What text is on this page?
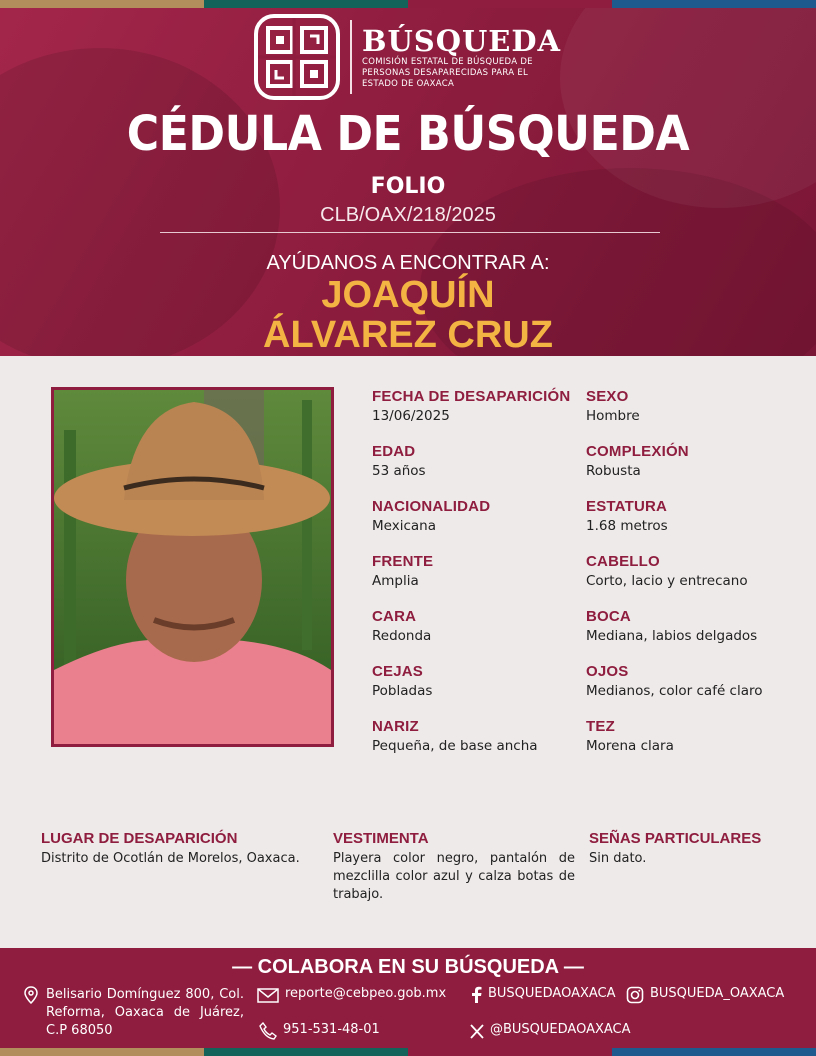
BÚSQUEDA
COMISIÓN ESTATAL DE BÚSQUEDA DE PERSONAS DESAPARECIDAS PARA EL ESTADO DE OAXACA
CÉDULA DE BÚSQUEDA
FOLIO
CLB/OAX/218/2025
AYÚDANOS A ENCONTRAR A:
JOAQUÍN
ÁLVAREZ CRUZ
FECHA DE DESAPARICIÓN
13/06/2025
SEXO
Hombre
EDAD
53 años
COMPLEXIÓN
Robusta
NACIONALIDAD
Mexicana
ESTATURA
1.68 metros
FRENTE
Amplia
CABELLO
Corto, lacio y entrecano
CARA
Redonda
BOCA
Mediana, labios delgados
CEJAS
Pobladas
OJOS
Medianos, color café claro
NARIZ
Pequeña, de base ancha
TEZ
Morena clara
LUGAR DE DESAPARICIÓN
Distrito de Ocotlán de Morelos, Oaxaca.
VESTIMENTA
Playera color negro, pantalón de mezclilla color azul y calza botas de trabajo.
SEÑAS PARTICULARES
Sin dato.
— COLABORA EN SU BÚSQUEDA —
Belisario Domínguez 800, Col. Reforma, Oaxaca de Juárez, C.P 68050
reporte@cebpeo.gob.mx
951-531-48-01
BUSQUEDAOAXACA	BUSQUEDA_OAXACA
@BUSQUEDAOAXACA
